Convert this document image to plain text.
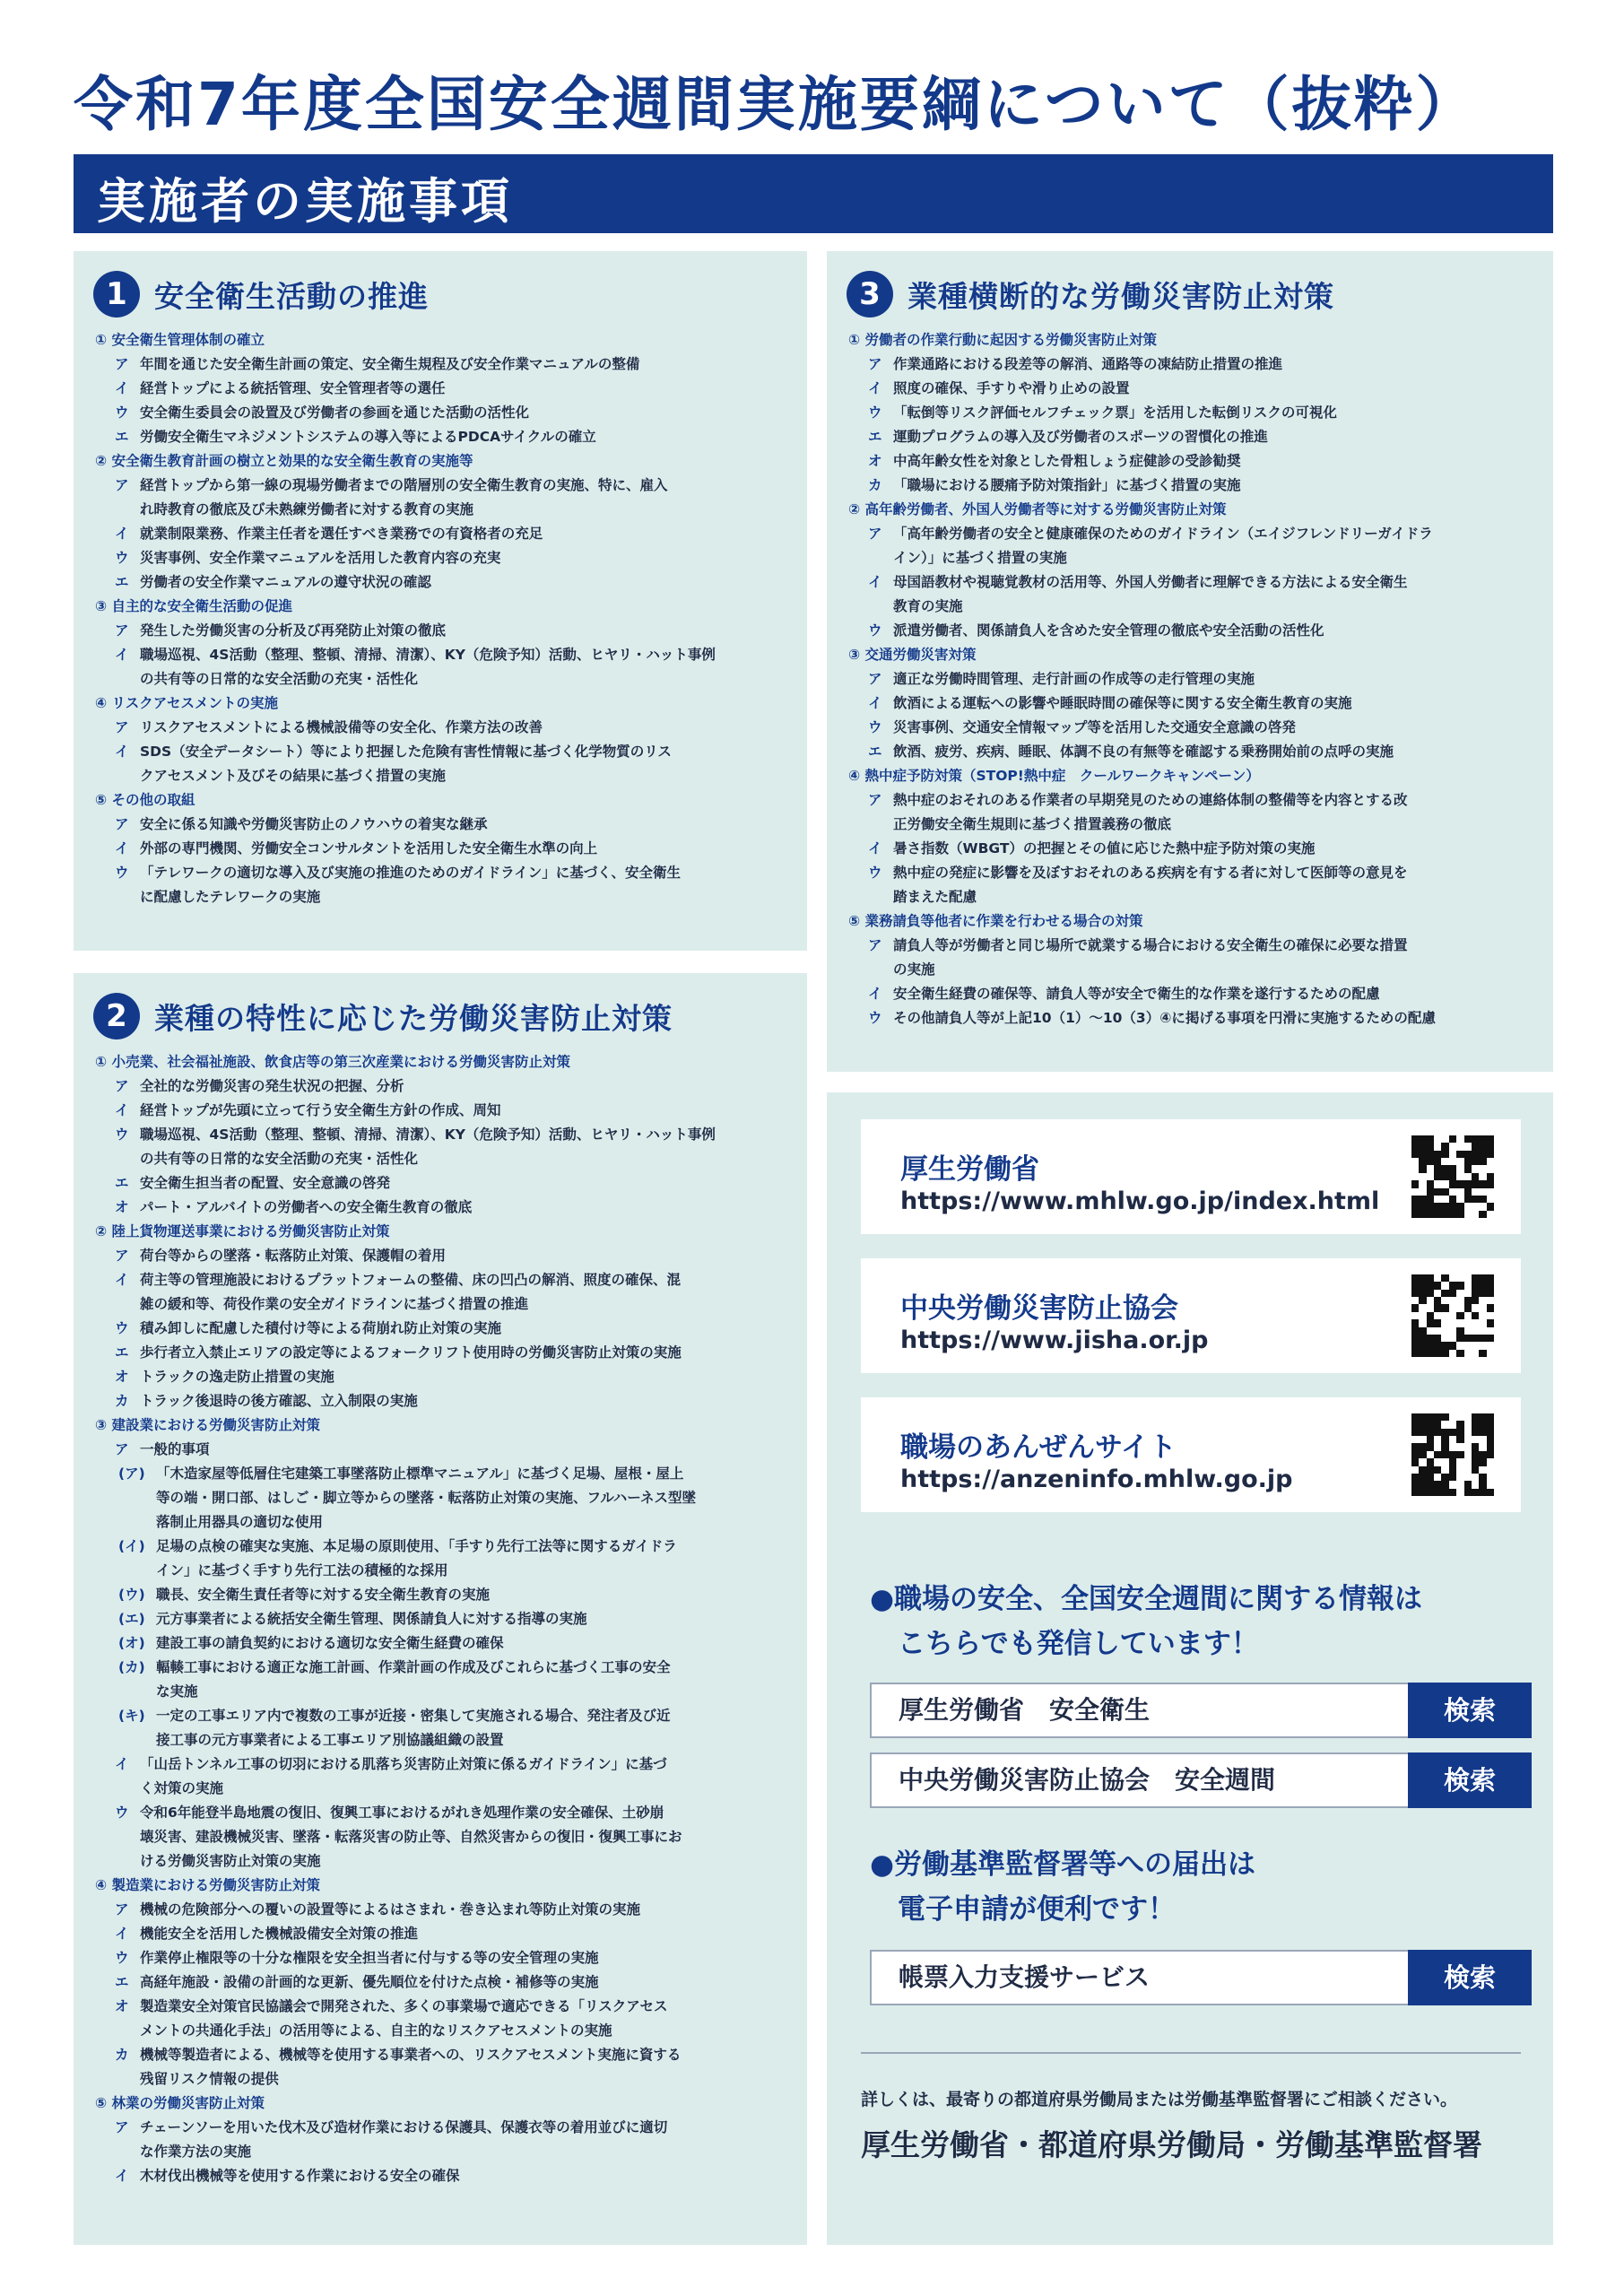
令和7年度全国安全週間実施要綱について（抜粋）
実施者の実施事項
1 安全衛生活動の推進
① 安全衛生管理体制の確立
ア 年間を通じた安全衛生計画の策定、安全衛生規程及び安全作業マニュアルの整備
イ 経営トップによる統括管理、安全管理者等の選任
ウ 安全衛生委員会の設置及び労働者の参画を通じた活動の活性化
エ 労働安全衛生マネジメントシステムの導入等によるPDCAサイクルの確立
② 安全衛生教育計画の樹立と効果的な安全衛生教育の実施等
ア 経営トップから第一線の現場労働者までの階層別の安全衛生教育の実施、特に、雇入
れ時教育の徹底及び未熟練労働者に対する教育の実施
イ 就業制限業務、作業主任者を選任すべき業務での有資格者の充足
ウ 災害事例、安全作業マニュアルを活用した教育内容の充実
エ 労働者の安全作業マニュアルの遵守状況の確認
③ 自主的な安全衛生活動の促進
ア 発生した労働災害の分析及び再発防止対策の徹底
イ 職場巡視、4S活動（整理、整頓、清掃、清潔）、KY（危険予知）活動、ヒヤリ・ハット事例
の共有等の日常的な安全活動の充実・活性化
④ リスクアセスメントの実施
ア リスクアセスメントによる機械設備等の安全化、作業方法の改善
イ SDS（安全データシート）等により把握した危険有害性情報に基づく化学物質のリス
クアセスメント及びその結果に基づく措置の実施
⑤ その他の取組
ア 安全に係る知識や労働災害防止のノウハウの着実な継承
イ 外部の専門機関、労働安全コンサルタントを活用した安全衛生水準の向上
ウ 「テレワークの適切な導入及び実施の推進のためのガイドライン」に基づく、安全衛生
に配慮したテレワークの実施
2 業種の特性に応じた労働災害防止対策
① 小売業、社会福祉施設、飲食店等の第三次産業における労働災害防止対策
ア 全社的な労働災害の発生状況の把握、分析
イ 経営トップが先頭に立って行う安全衛生方針の作成、周知
ウ 職場巡視、4S活動（整理、整頓、清掃、清潔）、KY（危険予知）活動、ヒヤリ・ハット事例
の共有等の日常的な安全活動の充実・活性化
エ 安全衛生担当者の配置、安全意識の啓発
オ パート・アルバイトの労働者への安全衛生教育の徹底
② 陸上貨物運送事業における労働災害防止対策
ア 荷台等からの墜落・転落防止対策、保護帽の着用
イ 荷主等の管理施設におけるプラットフォームの整備、床の凹凸の解消、照度の確保、混
雑の緩和等、荷役作業の安全ガイドラインに基づく措置の推進
ウ 積み卸しに配慮した積付け等による荷崩れ防止対策の実施
エ 歩行者立入禁止エリアの設定等によるフォークリフト使用時の労働災害防止対策の実施
オ トラックの逸走防止措置の実施
カ トラック後退時の後方確認、立入制限の実施
③ 建設業における労働災害防止対策
ア 一般的事項
(ア) 「木造家屋等低層住宅建築工事墜落防止標準マニュアル」に基づく足場、屋根・屋上
等の端・開口部、はしご・脚立等からの墜落・転落防止対策の実施、フルハーネス型墜
落制止用器具の適切な使用
(イ) 足場の点検の確実な実施、本足場の原則使用、「手すり先行工法等に関するガイドラ
イン」に基づく手すり先行工法の積極的な採用
(ウ) 職長、安全衛生責任者等に対する安全衛生教育の実施
(エ) 元方事業者による統括安全衛生管理、関係請負人に対する指導の実施
(オ) 建設工事の請負契約における適切な安全衛生経費の確保
(カ) 輻輳工事における適正な施工計画、作業計画の作成及びこれらに基づく工事の安全
な実施
(キ) 一定の工事エリア内で複数の工事が近接・密集して実施される場合、発注者及び近
接工事の元方事業者による工事エリア別協議組織の設置
イ 「山岳トンネル工事の切羽における肌落ち災害防止対策に係るガイドライン」に基づ
く対策の実施
ウ 令和6年能登半島地震の復旧、復興工事におけるがれき処理作業の安全確保、土砂崩
壊災害、建設機械災害、墜落・転落災害の防止等、自然災害からの復旧・復興工事にお
ける労働災害防止対策の実施
④ 製造業における労働災害防止対策
ア 機械の危険部分への覆いの設置等によるはさまれ・巻き込まれ等防止対策の実施
イ 機能安全を活用した機械設備安全対策の推進
ウ 作業停止権限等の十分な権限を安全担当者に付与する等の安全管理の実施
エ 高経年施設・設備の計画的な更新、優先順位を付けた点検・補修等の実施
オ 製造業安全対策官民協議会で開発された、多くの事業場で適応できる「リスクアセス
メントの共通化手法」の活用等による、自主的なリスクアセスメントの実施
カ 機械等製造者による、機械等を使用する事業者への、リスクアセスメント実施に資する
残留リスク情報の提供
⑤ 林業の労働災害防止対策
ア チェーンソーを用いた伐木及び造材作業における保護具、保護衣等の着用並びに適切
な作業方法の実施
イ 木材伐出機械等を使用する作業における安全の確保
3 業種横断的な労働災害防止対策
① 労働者の作業行動に起因する労働災害防止対策
ア 作業通路における段差等の解消、通路等の凍結防止措置の推進
イ 照度の確保、手すりや滑り止めの設置
ウ 「転倒等リスク評価セルフチェック票」を活用した転倒リスクの可視化
エ 運動プログラムの導入及び労働者のスポーツの習慣化の推進
オ 中高年齢女性を対象とした骨粗しょう症健診の受診勧奨
カ 「職場における腰痛予防対策指針」に基づく措置の実施
② 高年齢労働者、外国人労働者等に対する労働災害防止対策
ア 「高年齢労働者の安全と健康確保のためのガイドライン（エイジフレンドリーガイドラ
イン）」に基づく措置の実施
イ 母国語教材や視聴覚教材の活用等、外国人労働者に理解できる方法による安全衛生
教育の実施
ウ 派遣労働者、関係請負人を含めた安全管理の徹底や安全活動の活性化
③ 交通労働災害対策
ア 適正な労働時間管理、走行計画の作成等の走行管理の実施
イ 飲酒による運転への影響や睡眠時間の確保等に関する安全衛生教育の実施
ウ 災害事例、交通安全情報マップ等を活用した交通安全意識の啓発
エ 飲酒、疲労、疾病、睡眠、体調不良の有無等を確認する乗務開始前の点呼の実施
④ 熱中症予防対策（STOP!熱中症　クールワークキャンペーン）
ア 熱中症のおそれのある作業者の早期発見のための連絡体制の整備等を内容とする改
正労働安全衛生規則に基づく措置義務の徹底
イ 暑さ指数（WBGT）の把握とその値に応じた熱中症予防対策の実施
ウ 熱中症の発症に影響を及ぼすおそれのある疾病を有する者に対して医師等の意見を
踏まえた配慮
⑤ 業務請負等他者に作業を行わせる場合の対策
ア 請負人等が労働者と同じ場所で就業する場合における安全衛生の確保に必要な措置
の実施
イ 安全衛生経費の確保等、請負人等が安全で衛生的な作業を遂行するための配慮
ウ その他請負人等が上記10（1）～10（3）④に掲げる事項を円滑に実施するための配慮
厚生労働省
https://www.mhlw.go.jp/index.html
中央労働災害防止協会
https://www.jisha.or.jp
職場のあんぜんサイト
https://anzeninfo.mhlw.go.jp
●職場の安全、全国安全週間に関する情報は
　こちらでも発信しています！
厚生労働省　安全衛生	検索
中央労働災害防止協会　安全週間	検索
●労働基準監督署等への届出は
　電子申請が便利です！
帳票入力支援サービス	検索
詳しくは、最寄りの都道府県労働局または労働基準監督署にご相談ください。
厚生労働省・都道府県労働局・労働基準監督署
